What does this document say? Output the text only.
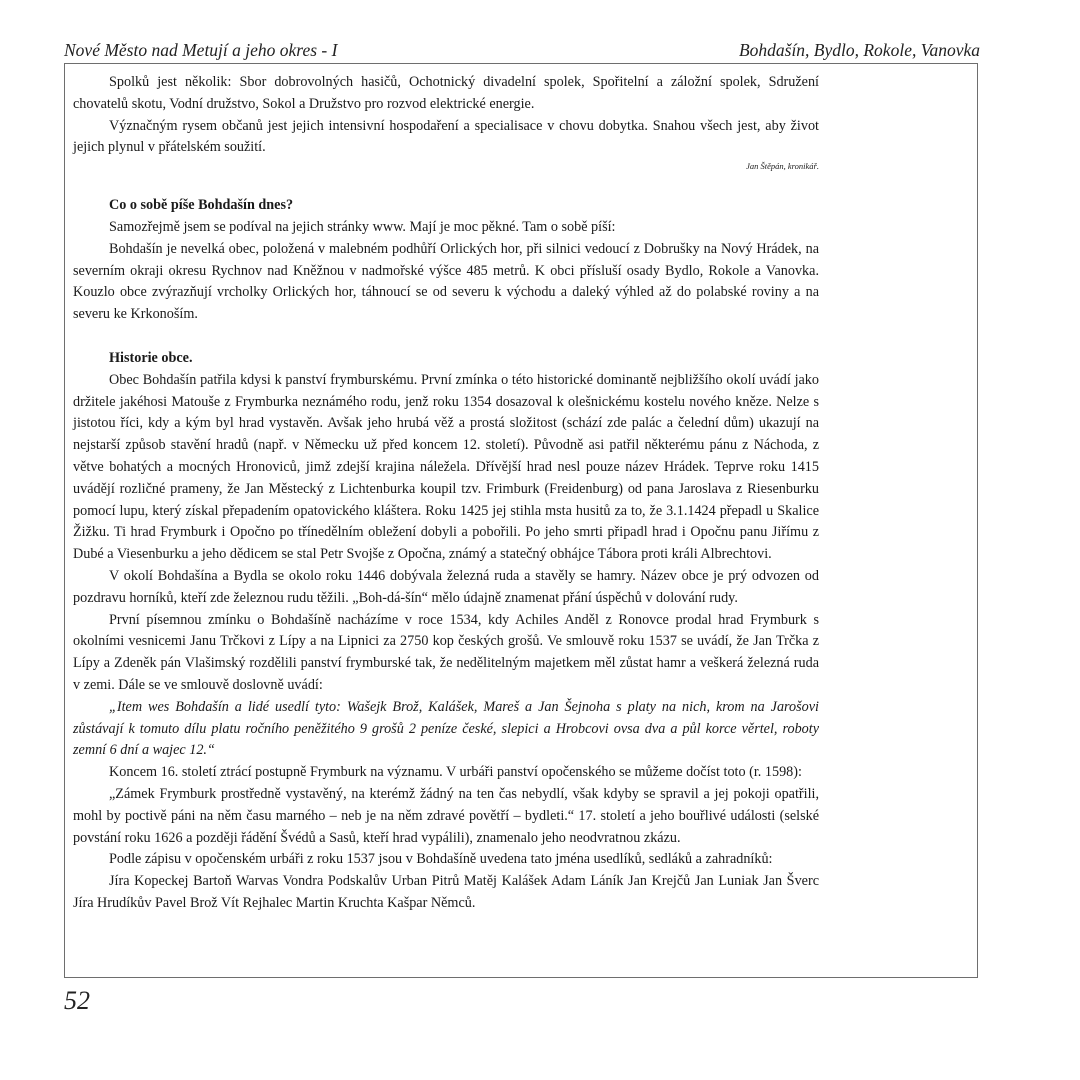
Nové Město nad Metují a jeho okres - I	Bohdašín, Bydlo, Rokole, Vanovka

Spolků jest několik: Sbor dobrovolných hasičů, Ochotnický divadelní spolek, Spořitelní a záložní spolek, Sdružení chovatelů skotu, Vodní družstvo, Sokol a Družstvo pro rozvod elektrické energie.

Význačným rysem občanů jest jejich intensivní hospodaření a specialisace v chovu dobytka. Snahou všech jest, aby život jejich plynul v přátelském soužití.

Jan Štěpán, kronikář.

Co o sobě píše Bohdašín dnes?

Samozřejmě jsem se podíval na jejich stránky www. Mají je moc pěkné. Tam o sobě píší:

Bohdašín je nevelká obec, položená v malebném podhůří Orlických hor, při silnici vedoucí z Dobrušky na Nový Hrádek, na severním okraji okresu Rychnov nad Kněžnou v nadmořské výšce 485 metrů. K obci přísluší osady Bydlo, Rokole a Vanovka. Kouzlo obce zvýrazňují vrcholky Orlických hor, táhnoucí se od severu k východu a daleký výhled až do polabské roviny a na severu ke Krkonoším.

Historie obce.

Obec Bohdašín patřila kdysi k panství frymburskému. První zmínka o této historické dominantě nejbližšího okolí uvádí jako držitele jakéhosi Matouše z Frymburka neznámého rodu, jenž roku 1354 dosazoval k olešnickému kostelu nového kněze. Nelze s jistotou říci, kdy a kým byl hrad vystavěn. Avšak jeho hrubá věž a prostá složitost (schází zde palác a čelední dům) ukazují na nejstarší způsob stavění hradů (např. v Německu už před koncem 12. století). Původně asi patřil některému pánu z Náchoda, z větve bohatých a mocných Hronoviců, jimž zdejší krajina náležela. Dřívější hrad nesl pouze název Hrádek. Teprve roku 1415 uvádějí rozličné prameny, že Jan Městecký z Lichtenburka koupil tzv. Frimburk (Freidenburg) od pana Jaroslava z Riesenburku pomocí lupu, který získal přepadením opatovického kláštera. Roku 1425 jej stihla msta husitů za to, že 3.1.1424 přepadl u Skalice Žižku. Ti hrad Frymburk i Opočno po třínedělním obležení dobyli a pobořili. Po jeho smrti připadl hrad i Opočnu panu Jiřímu z Dubé a Viesenburku a jeho dědicem se stal Petr Svojše z Opočna, známý a statečný obhájce Tábora proti králi Albrechtovi.

V okolí Bohdašína a Bydla se okolo roku 1446 dobývala železná ruda a stavěly se hamry. Název obce je prý odvozen od pozdravu horníků, kteří zde železnou rudu těžili. „Boh-dá-šín“ mělo údajně znamenat přání úspěchů v dolování rudy.

První písemnou zmínku o Bohdašíně nacházíme v roce 1534, kdy Achiles Anděl z Ronovce prodal hrad Frymburk s okolními vesnicemi Janu Trčkovi z Lípy a na Lipnici za 2750 kop českých grošů. Ve smlouvě roku 1537 se uvádí, že Jan Trčka z Lípy a Zdeněk pán Vlašimský rozdělili panství frymburské tak, že nedělitelným majetkem měl zůstat hamr a veškerá železná ruda v zemi. Dále se ve smlouvě doslovně uvádí:

„Item wes Bohdašín a lidé usedlí tyto: Wašejk Brož, Kalášek, Mareš a Jan Šejnoha s platy na nich, krom na Jarošovi zůstávají k tomuto dílu platu ročního peněžitého 9 grošů 2 peníze české, slepici a Hrobcovi ovsa dva a půl korce věrtel, roboty zemní 6 dní a wajec 12.“

Koncem 16. století ztrácí postupně Frymburk na významu. V urbáři panství opočenského se můžeme dočíst toto (r. 1598):

„Zámek Frymburk prostředně vystavěný, na kterémž žádný na ten čas nebydlí, však kdyby se spravil a jej pokoji opatřili, mohl by poctivě páni na něm času marného – neb je na něm zdravé povětří – bydleti.“ 17. století a jeho bouřlivé události (selské povstání roku 1626 a později řádění Švédů a Sasů, kteří hrad vypálili), znamenalo jeho neodvratnou zkázu.

Podle zápisu v opočenském urbáři z roku 1537 jsou v Bohdašíně uvedena tato jména usedlíků, sedláků a zahradníků:

Jíra Kopeckej Bartoň Warvas Vondra Podskalův Urban Pitrů Matěj Kalášek Adam Láník Jan Krejčů Jan Luniak Jan Šverc Jíra Hrudíkův Pavel Brož Vít Rejhalec Martin Kruchta Kašpar Němců.

52
